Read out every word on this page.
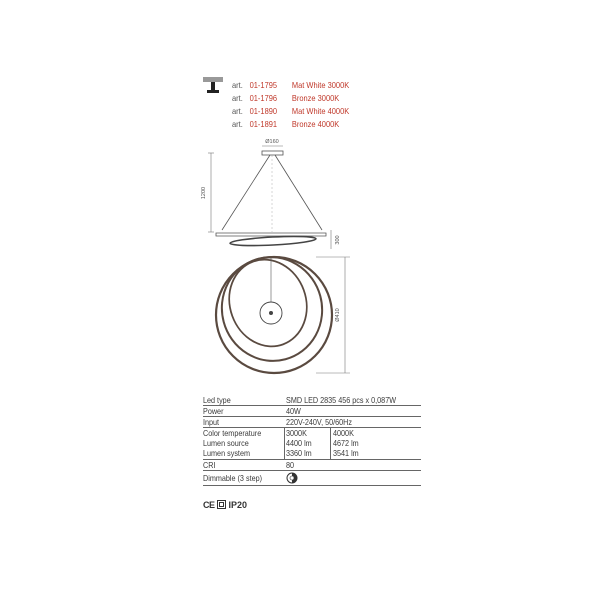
art. 01-1795 Mat White 3000K
art. 01-1796 Bronze 3000K
art. 01-1890 Mat White 4000K
art. 01-1891 Bronze 4000K
Ø160
1200
300
Ø410
Led type	SMD LED 2835 456 pcs x 0,087W
Power	40W
Input	220V-240V, 50/60Hz
Color temperature	3000K	4000K
Lumen source	4400 lm	4672 lm
Lumen system	3360 lm	3541 lm
CRI	80
Dimmable (3 step)
CE IP20
